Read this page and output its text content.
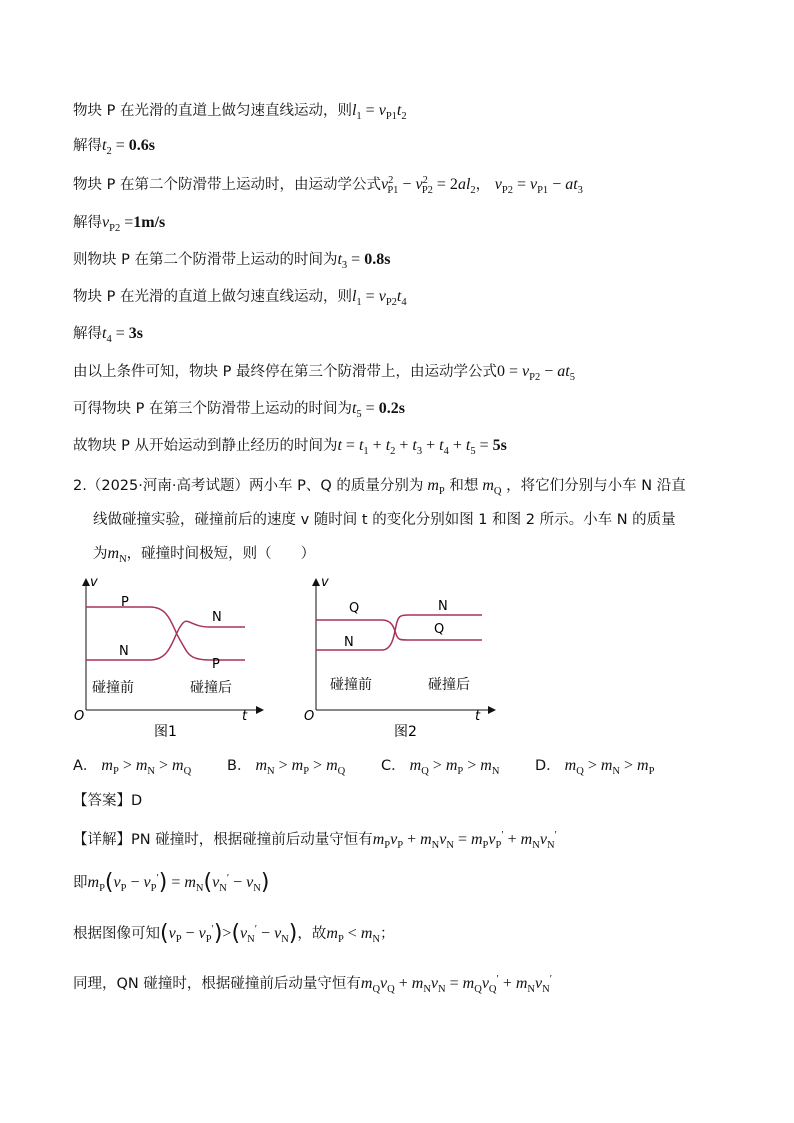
物块 P 在光滑的直道上做匀速直线运动，则$l_1 = v_{P1}t_2$
解得$t_2 = 0.6s$
物块 P 在第二个防滑带上运动时，由运动学公式$v^2_{P1} - v^2_{P2} = 2al_2$， $v_{P2} = v_{P1} - at_3$
解得$v_{P2} =1m/s$
则物块 P 在第二个防滑带上运动的时间为$t_3 = 0.8s$
物块 P 在光滑的直道上做匀速直线运动，则$l_1 = v_{P2}t_4$
解得$t_4 = 3s$
由以上条件可知，物块 P 最终停在第三个防滑带上，由运动学公式$0 = v_{P2} - at_5$
可得物块 P 在第三个防滑带上运动的时间为$t_5 = 0.2s$
故物块 P 从开始运动到静止经历的时间为$t = t_1 + t_2 + t_3 + t_4 + t_5 = 5s$
2.（2025·河南·高考试题）两小车 P、Q 的质量分别为 $m_P$ 和想 $m_Q$ ，将它们分别与小车 N 沿直
线做碰撞实验，碰撞前后的速度 v 随时间 t 的变化分别如图 1 和图 2 所示。小车 N 的质量
为$m_N$，碰撞时间极短，则（　　）
v
t
O
P
N
N
P
碰撞前	碰撞后
图1
v
t
O
Q	N
N
Q
碰撞前	碰撞后
图2
A． $m_P > m_N > m_Q$ B． $m_N > m_P > m_Q$ C． $m_Q > m_P > m_N$ D． $m_Q > m_N > m_P$
【答案】D
【详解】PN 碰撞时，根据碰撞前后动量守恒有$m_Pv_P + m_Nv_N = m_Pv_P' + m_Nv_N'$
即$m_P(v_P - v_P') = m_N(v_N' - v_N)$
根据图像可知$(v_P - v_P')>(v_N' - v_N)$，故$m_P < m_N$；
同理，QN 碰撞时，根据碰撞前后动量守恒有$m_Qv_Q + m_Nv_N = m_Qv_Q' + m_Nv_N'$
